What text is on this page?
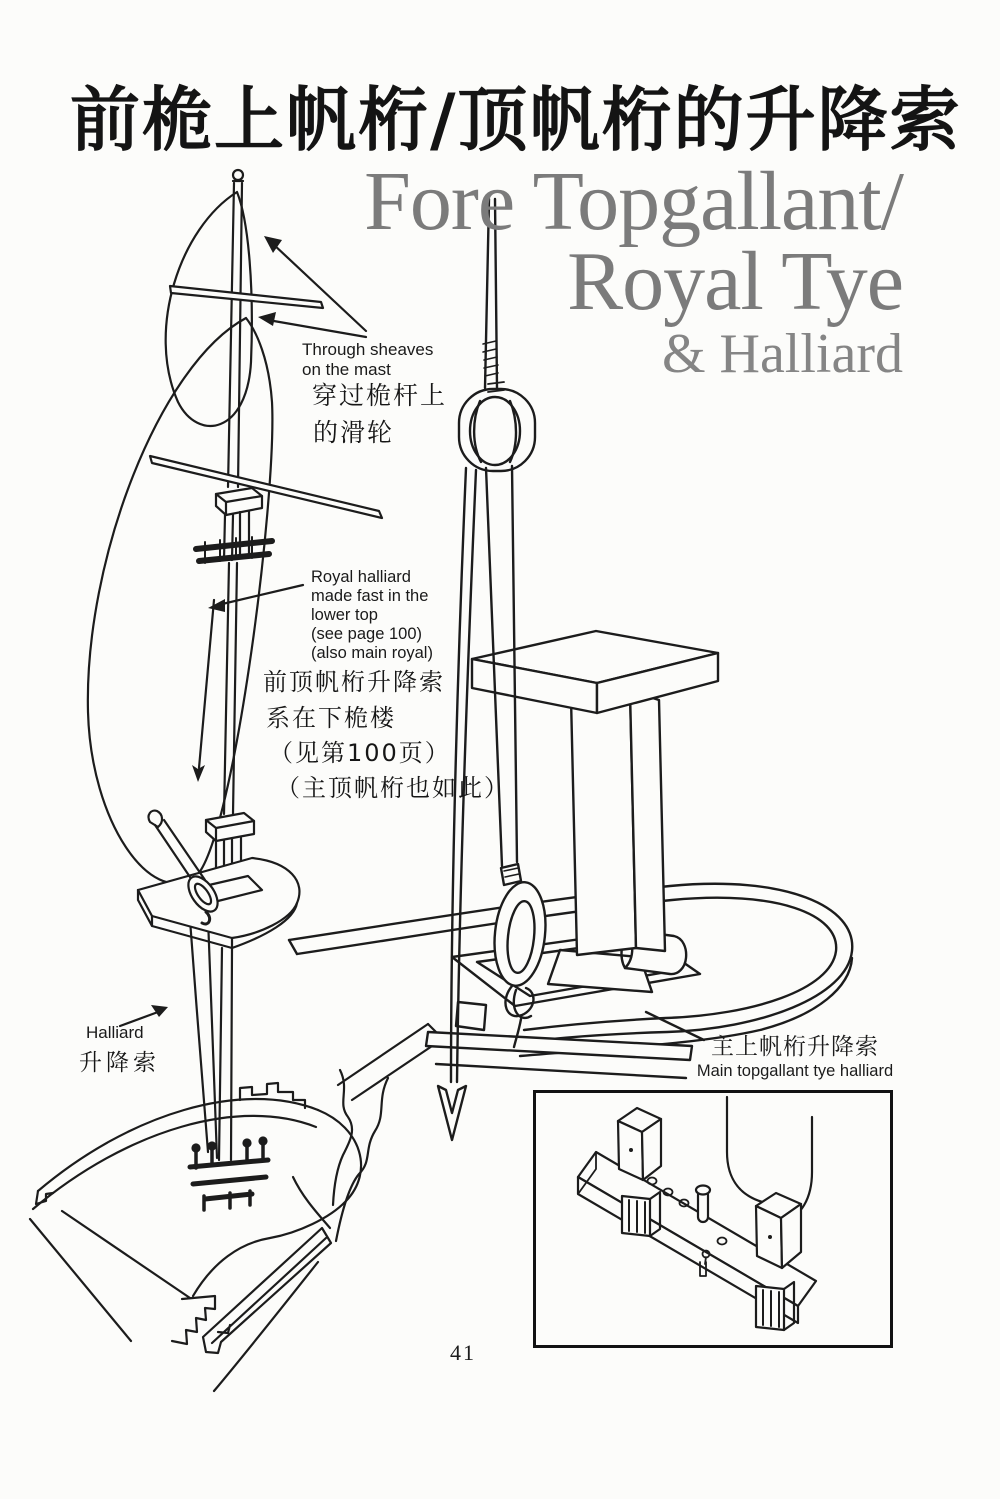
前桅上帆桁/顶帆桁的升降索
Fore Topgallant/
Royal Tye
& Halliard
Through sheaves
on the mast
穿过桅杆上
的滑轮
Royal halliard
made fast in the
lower top
(see page 100)
(also main royal)
前顶帆桁升降索
系在下桅楼
（见第100页）
（主顶帆桁也如此）
Halliard
升降索
主上帆桁升降索
Main topgallant tye halliard
41
